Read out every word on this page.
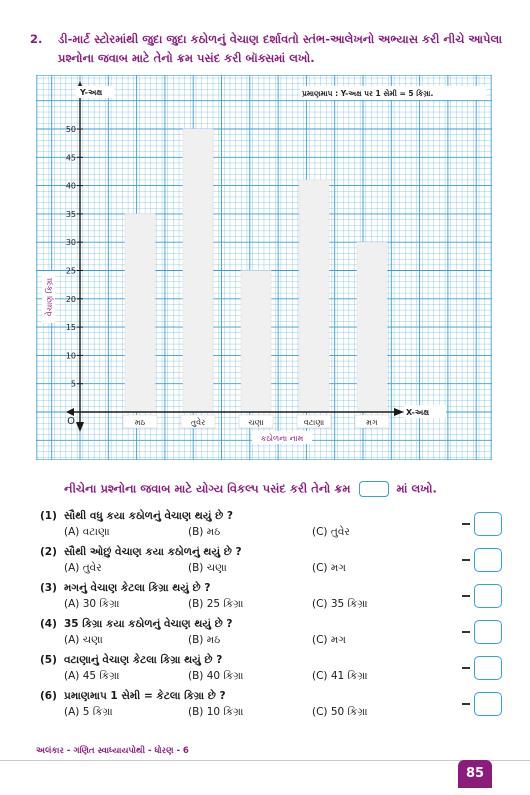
2. ડી-માર્ટ સ્ટોરમાંથી જુદા જુદા કઠોળનું વેચાણ દર્શાવતો સ્તંભ-આલેખનો અભ્યાસ કરી નીચે આપેલા પ્રશ્નોના જવાબ માટે તેનો ક્રમ પસંદ કરી બૉક્સમાં લખો.
5
10
15
20
25
30
35
40
45
50
O	મઠ	તુવેર	ચણા	વટાણા	મગ
Y-અક્ષ
X-અક્ષ
પ્રમાણમાપ : Y-અક્ષ પર 1 સેમી = 5 કિગ્રા.
કઠોળના નામ
વેચાણ કિગ્રા
નીચેના પ્રશ્નોના જવાબ માટે યોગ્ય વિકલ્પ પસંદ કરી તેનો ક્રમ	માં લખો.
(1) સૌથી વધુ કયા કઠોળનું વેચાણ થયું છે ?
(A) વટાણા	(B) મઠ	(C) તુવેર
(2) સૌથી ઓછું વેચાણ કયા કઠોળનું થયું છે ?
(A) તુવેર	(B) ચણા	(C) મગ
(3) મગનું વેચાણ કેટલા કિગ્રા થયું છે ?
(A) 30 કિગ્રા	(B) 25 કિગ્રા	(C) 35 કિગ્રા
(4) 35 કિગ્રા કયા કઠોળનું વેચાણ થયું છે ?
(A) ચણા	(B) મઠ	(C) મગ
(5) વટાણાનું વેચાણ કેટલા કિગ્રા થયું છે ?
(A) 45 કિગ્રા	(B) 40 કિગ્રા	(C) 41 કિગ્રા
(6) પ્રમાણમાપ 1 સેમી = કેટલા કિગ્રા છે ?
(A) 5 કિગ્રા	(B) 10 કિગ્રા	(C) 50 કિગ્રા
અલંકાર - ગણિત સ્વાધ્યાયપોથી - ધોરણ - 6
85
